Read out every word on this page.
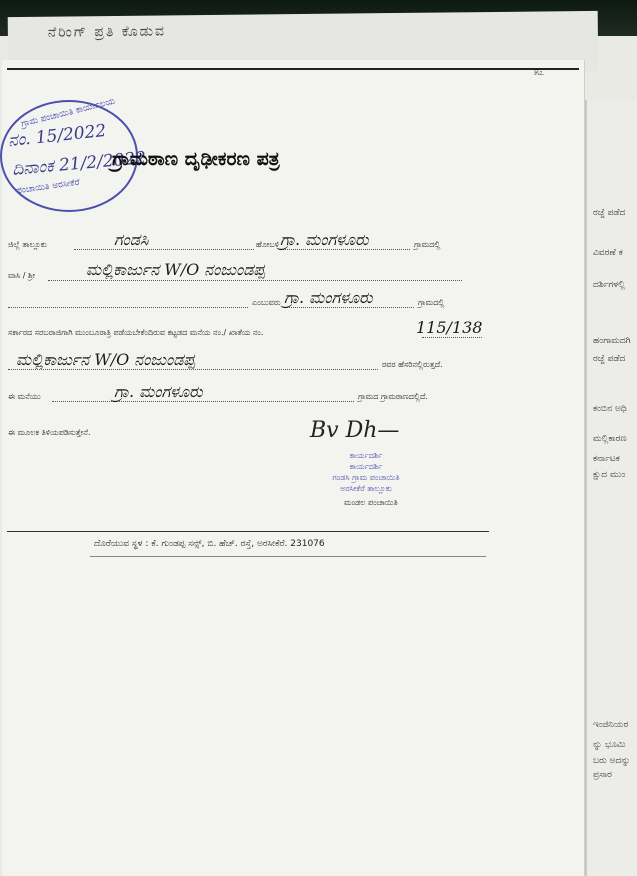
ನೆರಿಂಗ್ ಪ್ರತಿ ಕೊಡುವ
ರಜ್ಜೆ ಪಡೆದ
ವಿವರಣೆ ಕ
ದರ್ಶಿಗಳಲ್ಲಿ
ಹಂಗಾಮದಗಿ
ರಜ್ಜೆ ಪಡೆದ
ಕಂಬಿನ ಅಧಿ
ಮಲ್ಲಿಕಾರಣ
ಕರ್ನಾಟಕ
ಕ್ಷುದ ಮುಂ
ಇಂಜಿನಿಯರ
ನ್ನು ಭೂಮಿ
ಬರು ಅದನ್ನು
ಪ್ರಸಾರ
೫೭
ಗ್ರಾಮ ಪಂಚಾಯಿತಿ ಕಾರ್ಯಾಲಯ
ಪಂಚಾಯಿತಿ ಅರಸೀಕೆರೆ
ನಂ. 15/2022
ದಿನಾಂಕ 21/2/2022
ಗ್ರಾಮಠಾಣ ದೃಢೀಕರಣ ಪತ್ರ
ಜಿಲ್ಲೆ ತಾಲ್ಲೂಕು	ಗಂಡಸಿ	ಹೋಬಳಿ ಗ್ರಾ. ಮಂಗಳೂರು	ಗ್ರಾಮದಲ್ಲಿ
ವಾಸಿ / ಶ್ರೀ	ಮಲ್ಲಿಕಾರ್ಜುನ W/O ನಂಜುಂಡಪ್ಪ
ಎಂಬುವರು ಗ್ರಾ. ಮಂಗಳೂರು	ಗ್ರಾಮದಲ್ಲಿ
ಸರ್ಕಾರದ ಸರಬರಾಜಿಗಾಗಿ ಮುಂಬೂರಾತ್ರಿ ಪಡೆಯಬೇಕೆಂದಿರುವ ಕಟ್ಟಡದ ಮನೆಯ ನಂ./ ಖಾತೆಯ ನಂ.	115/138
ಮಲ್ಲಿಕಾರ್ಜುನ W/O ನಂಜುಂಡಪ್ಪ	ರವರ ಹೆಸರಿನಲ್ಲಿರುತ್ತದೆ.
ಈ ಮನೆಯು	ಗ್ರಾ. ಮಂಗಳೂರು	ಗ್ರಾಮದ ಗ್ರಾಮಠಾಣದಲ್ಲಿದೆ.
ಈ ಮೂಲಕ ತಿಳಿಯಪಡಿಸುತ್ತೇನೆ.	Bv Dh—
ಕಾರ್ಯದರ್ಶಿ
ಕಾರ್ಯದರ್ಶಿ
ಗಂಡಸಿ ಗ್ರಾಮ ಪಂಚಾಯಿತಿ
ಅರಸೀಕೆರೆ ತಾಲ್ಲೂಕು
ಮಂಡಲ ಪಂಚಾಯಿತಿ
ದೊರೆಯುವ ಸ್ಥಳ : ಕೆ. ಗುಂಡಪ್ಪ ಸನ್ಸ್, ಬಿ. ಹೆಚ್. ರಸ್ತೆ, ಅರಸೀಕೆರೆ. 231076
